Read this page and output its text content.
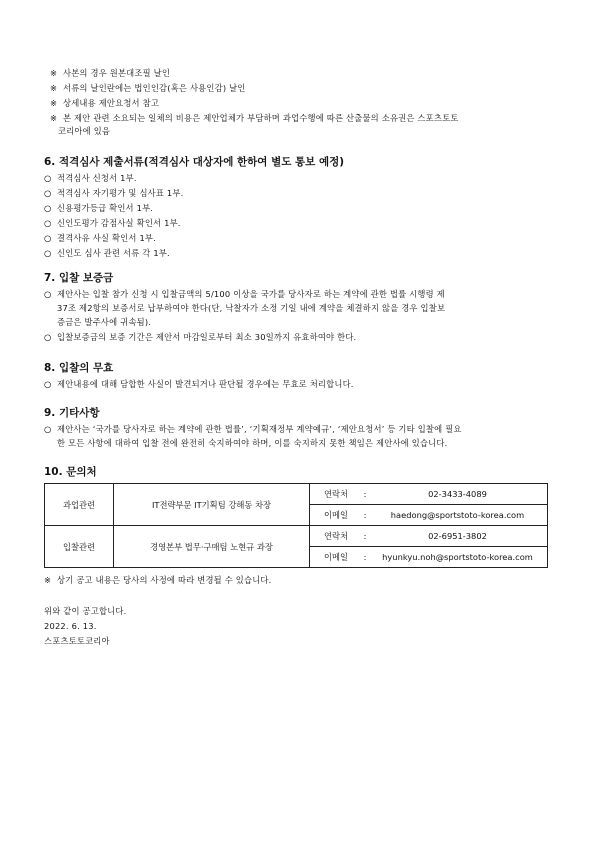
※ 사본의 경우 원본대조필 날인
※ 서류의 날인란에는 법인인감(혹은 사용인감) 날인
※ 상세내용 제안요청서 참고
※ 본 제안 관련 소요되는 일체의 비용은 제안업체가 부담하며 과업수행에 따른 산출물의 소유권은 스포츠토토
코리아에 있음
6. 적격심사 제출서류(적격심사 대상자에 한하여 별도 통보 예정)
○ 적격심사 신청서 1부.
○ 적격심사 자기평가 및 심사표 1부.
○ 신용평가등급 확인서 1부.
○ 신인도평가 감점사실 확인서 1부.
○ 결격사유 사실 확인서 1부.
○ 신인도 심사 관련 서류 각 1부.
7. 입찰 보증금
○ 제안사는 입찰 참가 신청 시 입찰금액의 5/100 이상을 국가를 당사자로 하는 계약에 관한 법률 시행령 제
37조 제2항의 보증서로 납부하여야 한다(단, 낙찰자가 소정 기일 내에 계약을 체결하지 않을 경우 입찰보
증금은 발주사에 귀속됨).
○ 입찰보증금의 보증 기간은 제안서 마감일로부터 최소 30일까지 유효하여야 한다.
8. 입찰의 무효
○ 제안내용에 대해 담합한 사실이 발견되거나 판단될 경우에는 무효로 처리합니다.
9. 기타사항
○ 제안사는 ‘국가를 당사자로 하는 계약에 관한 법률’, ‘기획재정부 계약예규’, ‘제안요청서’ 등 기타 입찰에 필요
한 모든 사항에 대하여 입찰 전에 완전히 숙지하여야 하며, 이를 숙지하지 못한 책임은 제안사에 있습니다.
10. 문의처
과업관련	IT전략부문 IT기획팀 강해동 차장	연락처	:	02-3433-4089
		이메일	:	haedong@sportstoto-korea.com
입찰관련	경영본부 법무·구매팀 노현규 과장	연락처	:	02-6951-3802
		이메일	:	hyunkyu.noh@sportstoto-korea.com
※ 상기 공고 내용은 당사의 사정에 따라 변경될 수 있습니다.
위와 같이 공고합니다.
2022. 6. 13.
스포츠토토코리아
